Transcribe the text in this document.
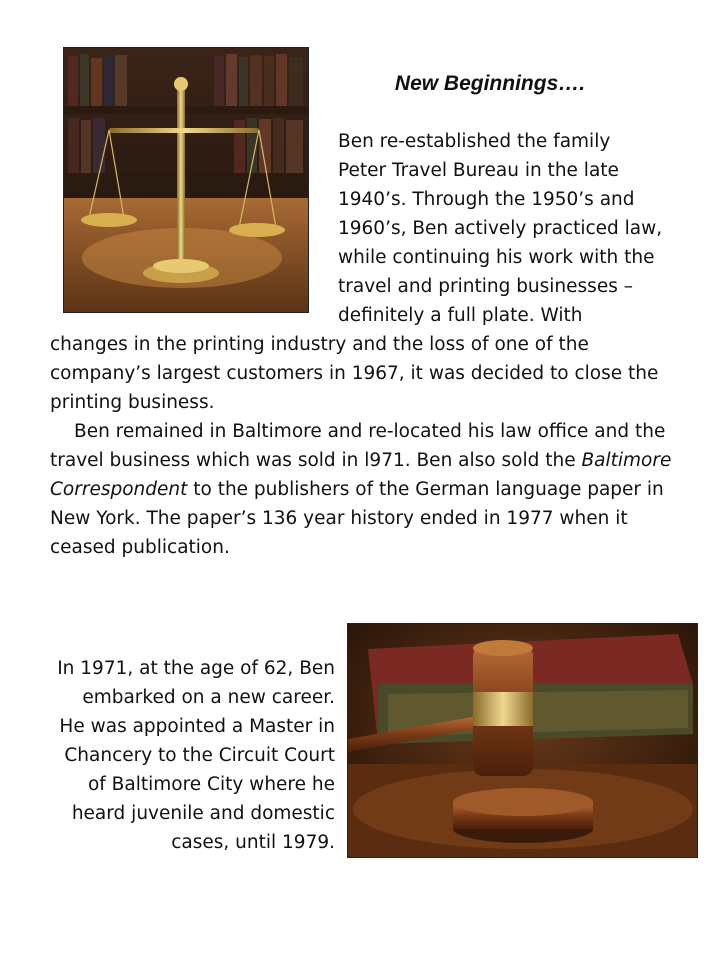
New Beginnings….

Ben re-established the family

Peter Travel Bureau in the late

1940’s. Through the 1950’s and

1960’s, Ben actively practiced law,

while continuing his work with the

travel and printing businesses –

definitely a full plate. With

changes in the printing industry and the loss of one of the company’s largest customers in 1967, it was decided to close the printing business.

Ben remained in Baltimore and re-located his law office and the travel business which was sold in l971. Ben also sold the Baltimore Correspondent to the publishers of the German language paper in New York. The paper’s 136 year history ended in 1977 when it ceased publication.

In 1971, at the age of 62, Ben
embarked on a new career.
He was appointed a Master in
Chancery to the Circuit Court
of Baltimore City where he
heard juvenile and domestic
cases, until 1979.
